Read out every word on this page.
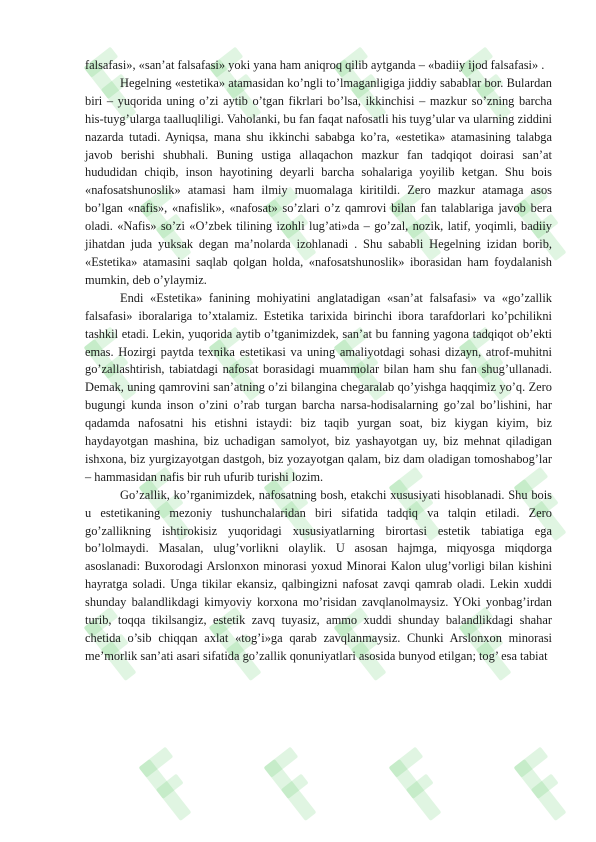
falsafasi», «san’at falsafasi» yoki yana ham aniqroq qilib aytganda – «badiiy ijod falsafasi» .

Hegelning «estetika» atamasidan ko’ngli to’lmaganligiga jiddiy sabablar bor. Bulardan biri – yuqorida uning o’zi aytib o’tgan fikrlari bo’lsa, ikkinchisi – mazkur so’zning barcha his-tuyg’ularga taalluqliligi. Vaholanki, bu fan faqat nafosatli his tuyg’ular va ularning ziddini nazarda tutadi. Ayniqsa, mana shu ikkinchi sababga ko’ra, «estetika» atamasining talabga javob berishi shubhali. Buning ustiga allaqachon mazkur fan tadqiqot doirasi san’at hududidan chiqib, inson hayotining deyarli barcha sohalariga yoyilib ketgan. Shu bois «nafosatshunoslik» atamasi ham ilmiy muomalaga kiritildi. Zero mazkur atamaga asos bo’lgan «nafis», «nafislik», «nafosat» so’zlari o’z qamrovi bilan fan talablariga javob bera oladi. «Nafis» so’zi «O’zbek tilining izohli lug’ati»da – go’zal, nozik, latif, yoqimli, badiiy jihatdan juda yuksak degan ma’nolarda izohlanadi . Shu sababli Hegelning izidan borib, «Estetika» atamasini saqlab qolgan holda, «nafosatshunoslik» iborasidan ham foydalanish mumkin, deb o’ylaymiz.

Endi «Estetika» fanining mohiyatini anglatadigan «san’at falsafasi» va «go’zallik falsafasi» iboralariga to’xtalamiz. Estetika tarixida birinchi ibora tarafdorlari ko’pchilikni tashkil etadi. Lekin, yuqorida aytib o’tganimizdek, san’at bu fanning yagona tadqiqot ob’ekti emas. Hozirgi paytda texnika estetikasi va uning amaliyotdagi sohasi dizayn, atrof-muhitni go’zallashtirish, tabiatdagi nafosat borasidagi muammolar bilan ham shu fan shug’ullanadi. Demak, uning qamrovini san’atning o’zi bilangina chegaralab qo’yishga haqqimiz yo’q. Zero bugungi kunda inson o’zini o’rab turgan barcha narsa-hodisalarning go’zal bo’lishini, har qadamda nafosatni his etishni istaydi: biz taqib yurgan soat, biz kiygan kiyim, biz haydayotgan mashina, biz uchadigan samolyot, biz yashayotgan uy, biz mehnat qiladigan ishxona, biz yurgizayotgan dastgoh, biz yozayotgan qalam, biz dam oladigan tomoshabog’lar – hammasidan nafis bir ruh ufurib turishi lozim.

Go’zallik, ko’rganimizdek, nafosatning bosh, etakchi xususiyati hisoblanadi. Shu bois u estetikaning mezoniy tushunchalaridan biri sifatida tadqiq va talqin etiladi. Zero go’zallikning ishtirokisiz yuqoridagi xususiyatlarning birortasi estetik tabiatiga ega bo’lolmaydi. Masalan, ulug’vorlikni olaylik. U asosan hajmga, miqyosga miqdorga asoslanadi: Buxorodagi Arslonxon minorasi yoxud Minorai Kalon ulug’vorligi bilan kishini hayratga soladi. Unga tikilar ekansiz, qalbingizni nafosat zavqi qamrab oladi. Lekin xuddi shunday balandlikdagi kimyoviy korxona mo’risidan zavqlanolmaysiz. YOki yonbag’irdan turib, toqqa tikilsangiz, estetik zavq tuyasiz, ammo xuddi shunday balandlikdagi shahar chetida o’sib chiqqan axlat «tog’i»ga qarab zavqlanmaysiz. Chunki Arslonxon minorasi me’morlik san’ati asari sifatida go’zallik qonuniyatlari asosida bunyod etilgan; tog’ esa tabiat
